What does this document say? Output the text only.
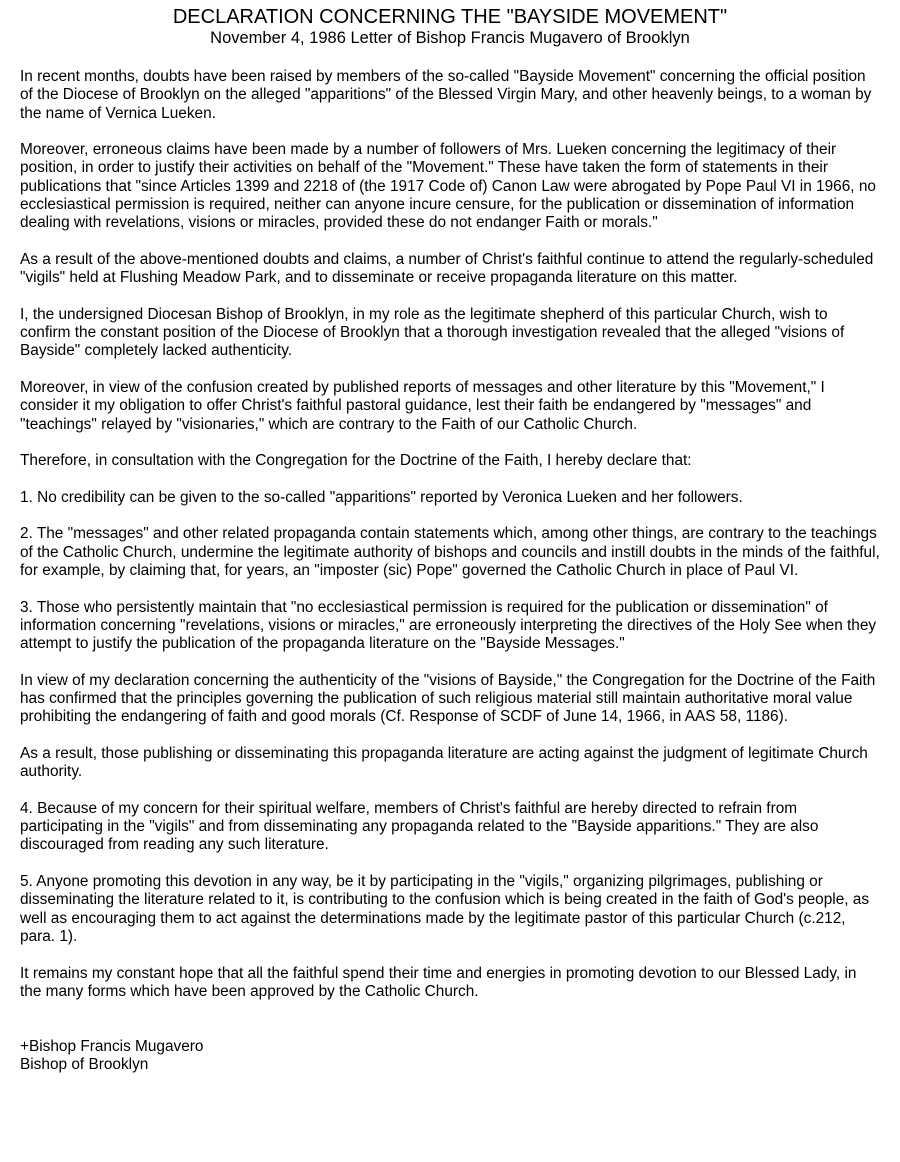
DECLARATION CONCERNING THE "BAYSIDE MOVEMENT"
November 4, 1986 Letter of Bishop Francis Mugavero of Brooklyn

In recent months, doubts have been raised by members of the so-called "Bayside Movement" concerning the official position of the Diocese of Brooklyn on the alleged "apparitions" of the Blessed Virgin Mary, and other heavenly beings, to a woman by the name of Vernica Lueken.

Moreover, erroneous claims have been made by a number of followers of Mrs. Lueken concerning the legitimacy of their position, in order to justify their activities on behalf of the "Movement." These have taken the form of statements in their publications that "since Articles 1399 and 2218 of (the 1917 Code of) Canon Law were abrogated by Pope Paul VI in 1966, no ecclesiastical permission is required, neither can anyone incure censure, for the publication or dissemination of information dealing with revelations, visions or miracles, provided these do not endanger Faith or morals."

As a result of the above-mentioned doubts and claims, a number of Christ's faithful continue to attend the regularly-scheduled "vigils" held at Flushing Meadow Park, and to disseminate or receive propaganda literature on this matter.

I, the undersigned Diocesan Bishop of Brooklyn, in my role as the legitimate shepherd of this particular Church, wish to confirm the constant position of the Diocese of Brooklyn that a thorough investigation revealed that the alleged "visions of Bayside" completely lacked authenticity.

Moreover, in view of the confusion created by published reports of messages and other literature by this "Movement," I consider it my obligation to offer Christ's faithful pastoral guidance, lest their faith be endangered by "messages" and "teachings" relayed by "visionaries," which are contrary to the Faith of our Catholic Church.

Therefore, in consultation with the Congregation for the Doctrine of the Faith, I hereby declare that:

1. No credibility can be given to the so-called "apparitions" reported by Veronica Lueken and her followers.

2. The "messages" and other related propaganda contain statements which, among other things, are contrary to the teachings of the Catholic Church, undermine the legitimate authority of bishops and councils and instill doubts in the minds of the faithful, for example, by claiming that, for years, an "imposter (sic) Pope" governed the Catholic Church in place of Paul VI.

3. Those who persistently maintain that "no ecclesiastical permission is required for the publication or dissemination" of information concerning "revelations, visions or miracles," are erroneously interpreting the directives of the Holy See when they attempt to justify the publication of the propaganda literature on the "Bayside Messages."

In view of my declaration concerning the authenticity of the "visions of Bayside," the Congregation for the Doctrine of the Faith has confirmed that the principles governing the publication of such religious material still maintain authoritative moral value prohibiting the endangering of faith and good morals (Cf. Response of SCDF of June 14, 1966, in AAS 58, 1186).

As a result, those publishing or disseminating this propaganda literature are acting against the judgment of legitimate Church authority.

4. Because of my concern for their spiritual welfare, members of Christ's faithful are hereby directed to refrain from participating in the "vigils" and from disseminating any propaganda related to the "Bayside apparitions." They are also discouraged from reading any such literature.

5. Anyone promoting this devotion in any way, be it by participating in the "vigils," organizing pilgrimages, publishing or disseminating the literature related to it, is contributing to the confusion which is being created in the faith of God's people, as well as encouraging them to act against the determinations made by the legitimate pastor of this particular Church (c.212, para. 1).

It remains my constant hope that all the faithful spend their time and energies in promoting devotion to our Blessed Lady, in the many forms which have been approved by the Catholic Church.

+Bishop Francis Mugavero
Bishop of Brooklyn
